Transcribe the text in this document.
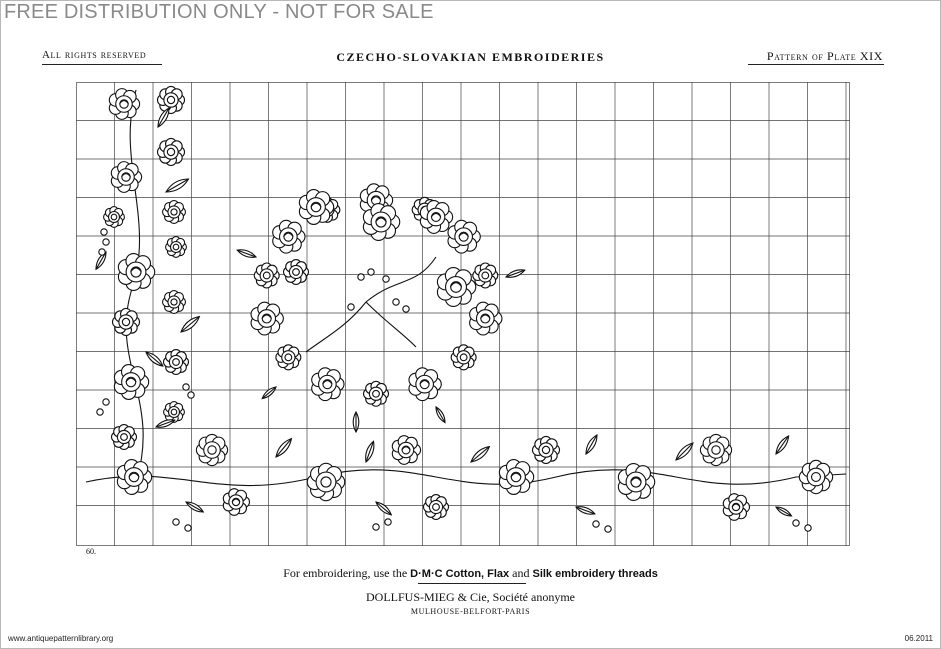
FREE DISTRIBUTION ONLY - NOT FOR SALE
All rights reserved	CZECHO-SLOVAKIAN EMBROIDERIES	Pattern of Plate XIX
60.
For embroidering, use the D·M·C Cotton, Flax and Silk embroidery threads
DOLLFUS-MIEG & Cie, Société anonyme
MULHOUSE-BELFORT-PARIS
www.antiquepatternlibrary.org	06.2011
